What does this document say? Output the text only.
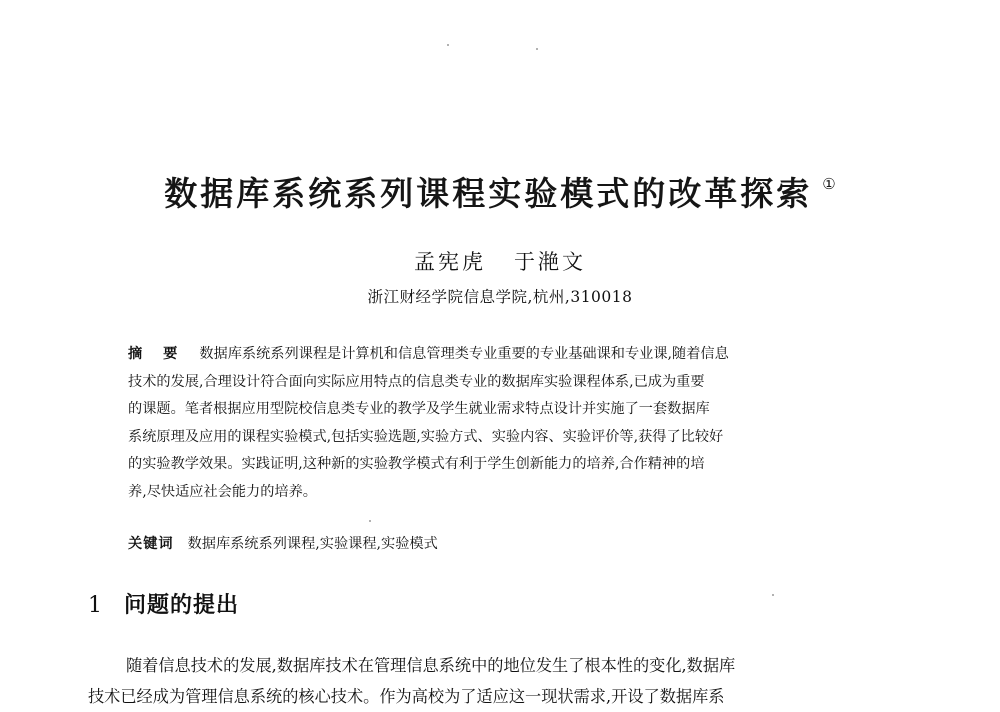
数据库系统系列课程实验模式的改革探索 ①
孟宪虎 于滟文
浙江财经学院信息学院,杭州,310018
摘 要 数据库系统系列课程是计算机和信息管理类专业重要的专业基础课和专业课,随着信息
技术的发展,合理设计符合面向实际应用特点的信息类专业的数据库实验课程体系,已成为重要
的课题。笔者根据应用型院校信息类专业的教学及学生就业需求特点设计并实施了一套数据库
系统原理及应用的课程实验模式,包括实验选题,实验方式、实验内容、实验评价等,获得了比较好
的实验教学效果。实践证明,这种新的实验教学模式有利于学生创新能力的培养,合作精神的培
养,尽快适应社会能力的培养。
关键词 数据库系统系列课程,实验课程,实验模式
1 问题的提出
随着信息技术的发展,数据库技术在管理信息系统中的地位发生了根本性的变化,数据库
技术已经成为管理信息系统的核心技术。作为高校为了适应这一现状需求,开设了数据库系
